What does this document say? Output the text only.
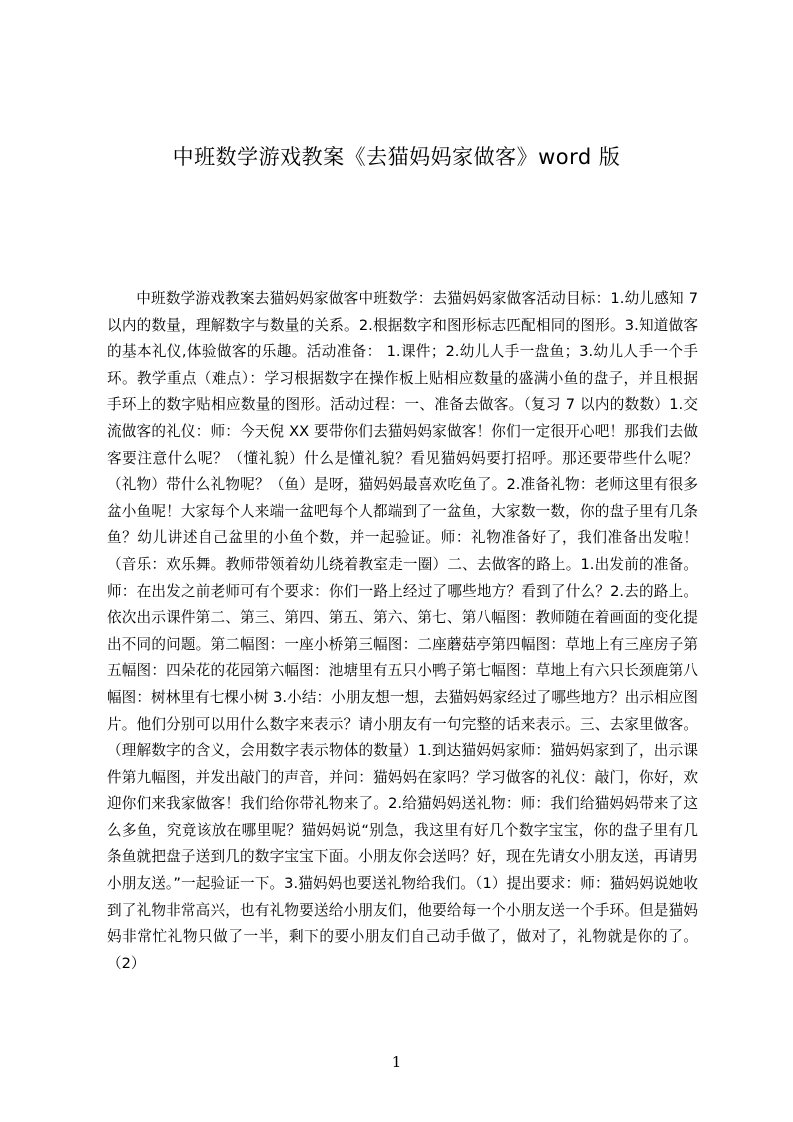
中班数学游戏教案《去猫妈妈家做客》word 版

中班数学游戏教案去猫妈妈家做客中班数学：去猫妈妈家做客活动目标：1.幼儿感知 7 以内的数量，理解数字与数量的关系。2.根据数字和图形标志匹配相同的图形。3.知道做客的基本礼仪,体验做客的乐趣。活动准备： 1.课件；2.幼儿人手一盘鱼；3.幼儿人手一个手环。教学重点（难点）：学习根据数字在操作板上贴相应数量的盛满小鱼的盘子，并且根据手环上的数字贴相应数量的图形。活动过程：一、准备去做客。（复习 7 以内的数数）1.交流做客的礼仪：师：今天倪 XX 要带你们去猫妈妈家做客！你们一定很开心吧！那我们去做客要注意什么呢？（懂礼貌）什么是懂礼貌？看见猫妈妈要打招呼。那还要带些什么呢？（礼物）带什么礼物呢？（鱼）是呀，猫妈妈最喜欢吃鱼了。2.准备礼物：老师这里有很多盆小鱼呢！大家每个人来端一盆吧每个人都端到了一盆鱼，大家数一数，你的盘子里有几条鱼？幼儿讲述自己盆里的小鱼个数，并一起验证。师：礼物准备好了，我们准备出发啦！（音乐：欢乐舞。教师带领着幼儿绕着教室走一圈）二、去做客的路上。1.出发前的准备。师：在出发之前老师可有个要求：你们一路上经过了哪些地方？看到了什么？2.去的路上。依次出示课件第二、第三、第四、第五、第六、第七、第八幅图：教师随在着画面的变化提出不同的问题。第二幅图：一座小桥第三幅图：二座蘑菇亭第四幅图：草地上有三座房子第五幅图：四朵花的花园第六幅图：池塘里有五只小鸭子第七幅图：草地上有六只长颈鹿第八幅图：树林里有七棵小树 3.小结：小朋友想一想，去猫妈妈家经过了哪些地方？出示相应图片。他们分别可以用什么数字来表示？请小朋友有一句完整的话来表示。三、去家里做客。（理解数字的含义，会用数字表示物体的数量）1.到达猫妈妈家师：猫妈妈家到了，出示课件第九幅图，并发出敲门的声音，并问：猫妈妈在家吗？学习做客的礼仪：敲门，你好，欢迎你们来我家做客！我们给你带礼物来了。2.给猫妈妈送礼物：师：我们给猫妈妈带来了这么多鱼，究竟该放在哪里呢？猫妈妈说“别急，我这里有好几个数字宝宝，你的盘子里有几条鱼就把盘子送到几的数字宝宝下面。小朋友你会送吗？好，现在先请女小朋友送，再请男小朋友送。”一起验证一下。3.猫妈妈也要送礼物给我们。（1）提出要求：师：猫妈妈说她收到了礼物非常高兴，也有礼物要送给小朋友们，他要给每一个小朋友送一个手环。但是猫妈妈非常忙礼物只做了一半，剩下的要小朋友们自己动手做了，做对了，礼物就是你的了。（2）

1
